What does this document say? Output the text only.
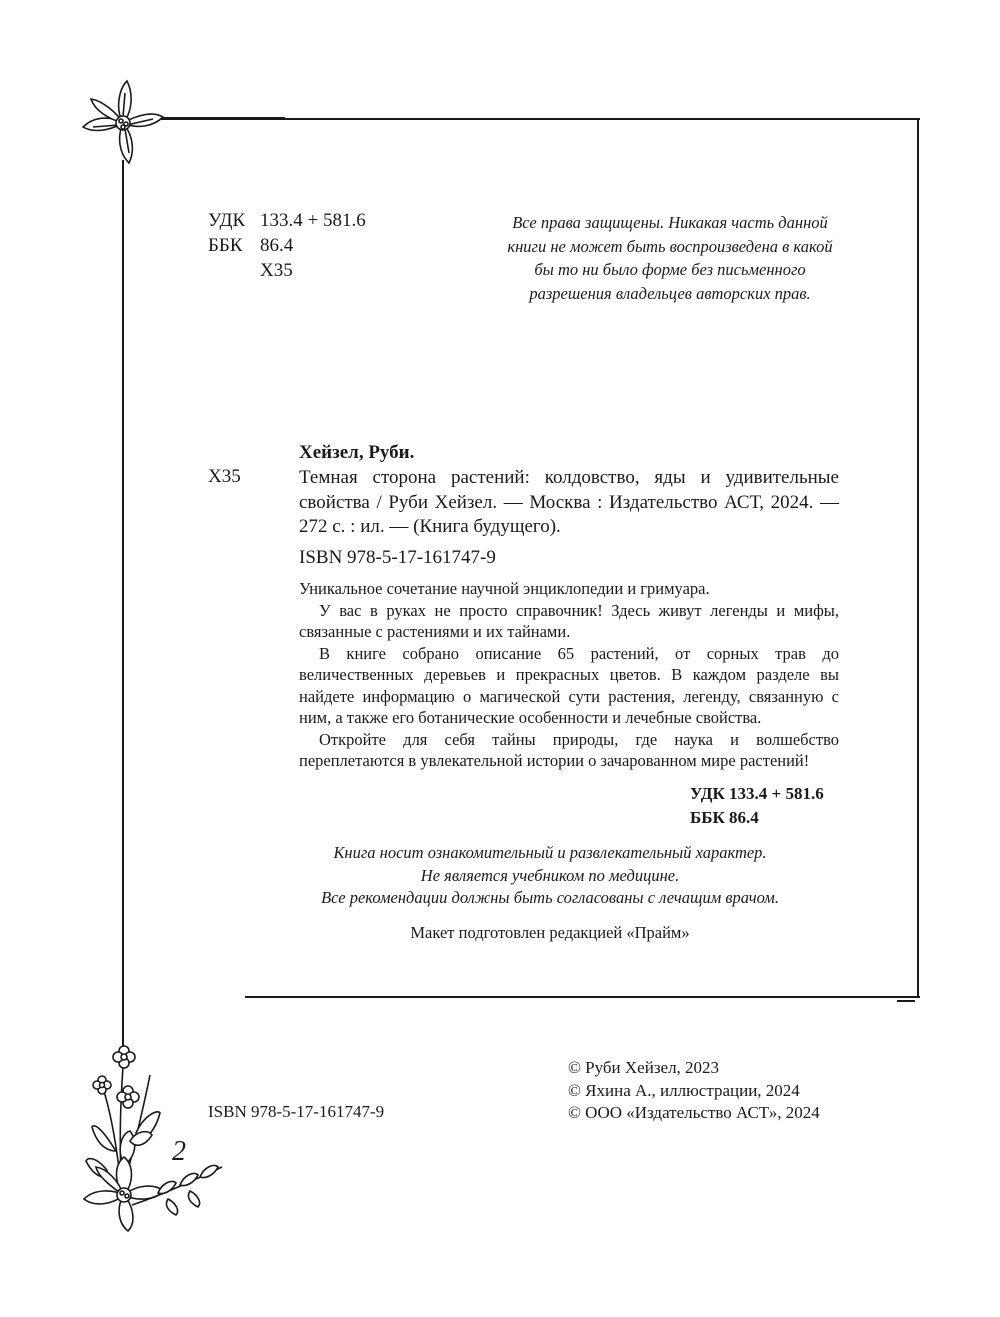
УДК 133.4 + 581.6
ББК 86.4
Х35
Все права защищены. Никакая часть данной
книги не может быть воспроизведена в какой
бы то ни было форме без письменного
разрешения владельцев авторских прав.
Хейзел, Руби.
Х35	Темная сторона растений: колдовство, яды и удивительные свойства / Руби Хейзел. — Москва : Издательство АСТ, 2024. — 272 с. : ил. — (Книга будущего).
ISBN 978-5-17-161747-9

Уникальное сочетание научной энциклопедии и гримуара.

У вас в руках не просто справочник! Здесь живут легенды и мифы, связанные с растениями и их тайнами.

В книге собрано описание 65 растений, от сорных трав до величественных деревьев и прекрасных цветов. В каждом разделе вы найдете информацию о магической сути растения, легенду, связанную с ним, а также его ботанические особенности и лечебные свойства.

Откройте для себя тайны природы, где наука и волшебство переплетаются в увлекательной истории о зачарованном мире растений!

УДК 133.4 + 581.6
ББК 86.4
Книга носит ознакомительный и развлекательный характер.
Не является учебником по медицине.
Все рекомендации должны быть согласованы с лечащим врачом.
Макет подготовлен редакцией «Прайм»
© Руби Хейзел, 2023
© Яхина А., иллюстрации, 2024
© ООО «Издательство АСТ», 2024
ISBN 978-5-17-161747-9
2
